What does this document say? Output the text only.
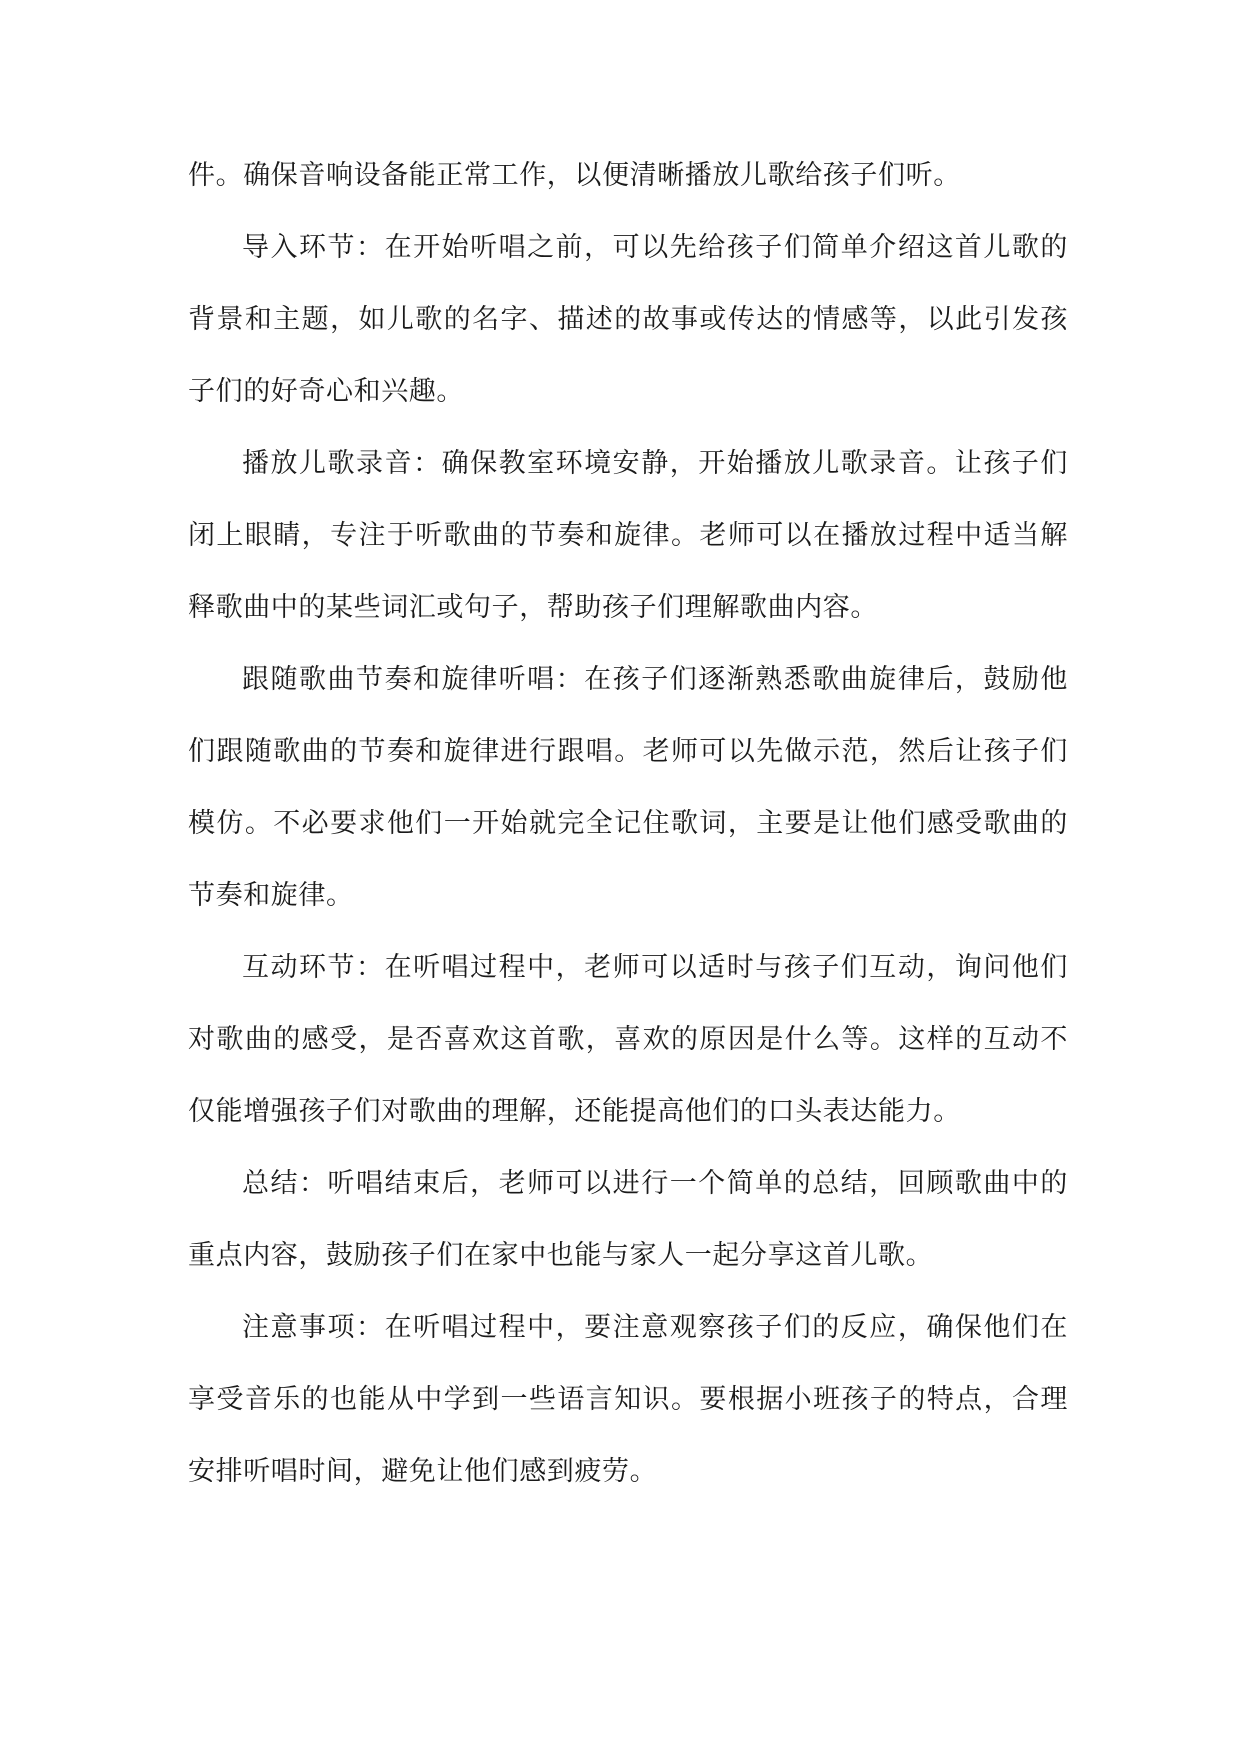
件。确保音响设备能正常工作，以便清晰播放儿歌给孩子们听。

导入环节：在开始听唱之前，可以先给孩子们简单介绍这首儿歌的背景和主题，如儿歌的名字、描述的故事或传达的情感等，以此引发孩子们的好奇心和兴趣。

播放儿歌录音：确保教室环境安静，开始播放儿歌录音。让孩子们闭上眼睛，专注于听歌曲的节奏和旋律。老师可以在播放过程中适当解释歌曲中的某些词汇或句子，帮助孩子们理解歌曲内容。

跟随歌曲节奏和旋律听唱：在孩子们逐渐熟悉歌曲旋律后，鼓励他们跟随歌曲的节奏和旋律进行跟唱。老师可以先做示范，然后让孩子们模仿。不必要求他们一开始就完全记住歌词，主要是让他们感受歌曲的节奏和旋律。

互动环节：在听唱过程中，老师可以适时与孩子们互动，询问他们对歌曲的感受，是否喜欢这首歌，喜欢的原因是什么等。这样的互动不仅能增强孩子们对歌曲的理解，还能提高他们的口头表达能力。

总结：听唱结束后，老师可以进行一个简单的总结，回顾歌曲中的重点内容，鼓励孩子们在家中也能与家人一起分享这首儿歌。

注意事项：在听唱过程中，要注意观察孩子们的反应，确保他们在享受音乐的也能从中学到一些语言知识。要根据小班孩子的特点，合理安排听唱时间，避免让他们感到疲劳。
